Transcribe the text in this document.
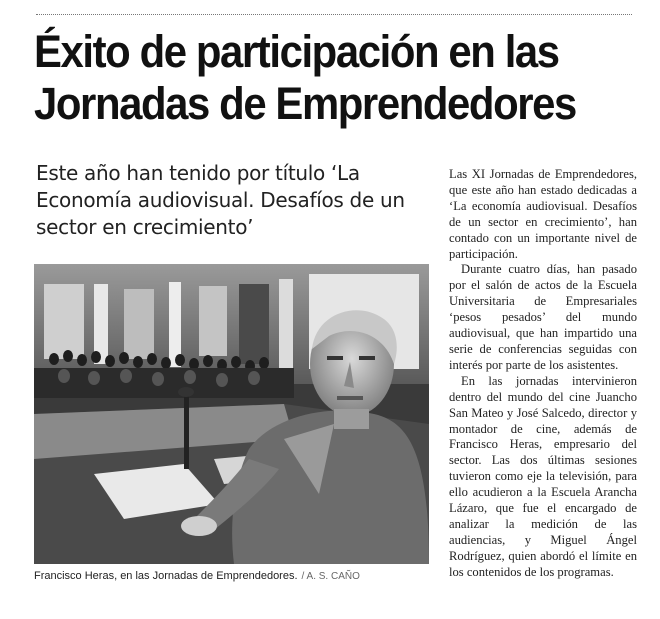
Éxito de participación en las Jornadas de Emprendedores
Este año han tenido por título ‘La Economía audiovisual. Desafíos de un sector en crecimiento’
Francisco Heras, en las Jornadas de Emprendedores. / A. S. CAÑO

Las XI Jornadas de Emprendedores, que este año han estado dedicadas a ‘La economía audiovisual. Desafíos de un sector en crecimiento’, han contado con un importante nivel de participación.

Durante cuatro días, han pasado por el salón de actos de la Escuela Universitaria de Empresariales ‘pesos pesados’ del mundo audiovisual, que han impartido una serie de conferencias seguidas con interés por parte de los asistentes.

En las jornadas intervinieron dentro del mundo del cine Juancho San Mateo y José Salcedo, director y montador de cine, además de Francisco Heras, empresario del sector. Las dos últimas sesiones tuvieron como eje la televisión, para ello acudieron a la Escuela Arancha Lázaro, que fue el encargado de analizar la medición de las audiencias, y Miguel Ángel Rodríguez, quien abordó el límite en los contenidos de los programas.
